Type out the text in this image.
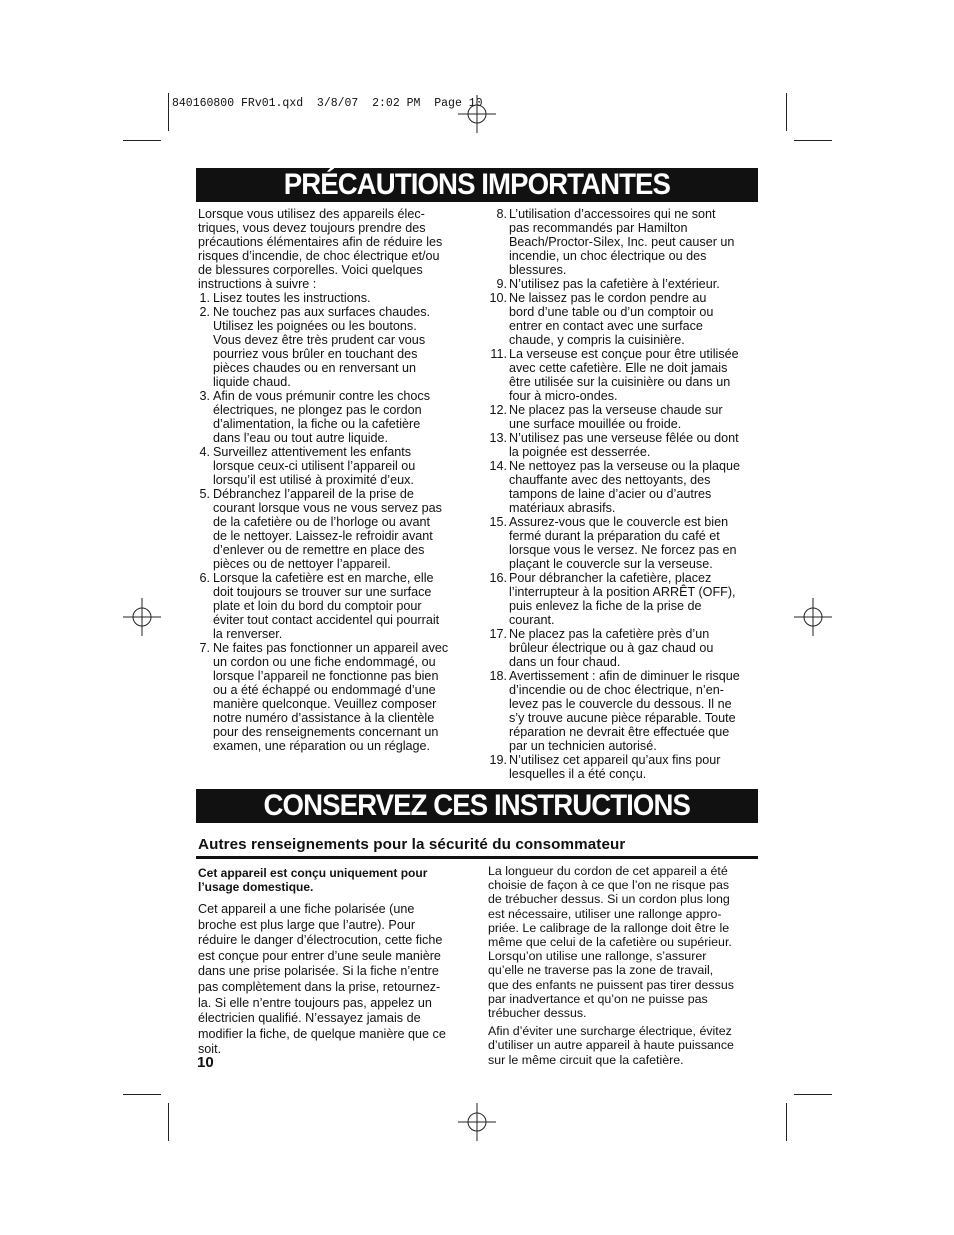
840160800 FRv01.qxd  3/8/07  2:02 PM  Page 10
PRÉCAUTIONS IMPORTANTES

Lorsque vous utilisez des appareils élec-
triques, vous devez toujours prendre des
précautions élémentaires afin de réduire les
risques d’incendie, de choc électrique et/ou
de blessures corporelles. Voici quelques
instructions à suivre :

1. Lisez toutes les instructions.
2. Ne touchez pas aux surfaces chaudes.
Utilisez les poignées ou les boutons.
Vous devez être très prudent car vous
pourriez vous brûler en touchant des
pièces chaudes ou en renversant un
liquide chaud.
3. Afin de vous prémunir contre les chocs
électriques, ne plongez pas le cordon
d’alimentation, la fiche ou la cafetière
dans l’eau ou tout autre liquide.
4. Surveillez attentivement les enfants
lorsque ceux-ci utilisent l’appareil ou
lorsqu’il est utilisé à proximité d’eux.
5. Débranchez l’appareil de la prise de
courant lorsque vous ne vous servez pas
de la cafetière ou de l’horloge ou avant
de le nettoyer. Laissez-le refroidir avant
d’enlever ou de remettre en place des
pièces ou de nettoyer l’appareil.
6. Lorsque la cafetière est en marche, elle
doit toujours se trouver sur une surface
plate et loin du bord du comptoir pour
éviter tout contact accidentel qui pourrait
la renverser.
7. Ne faites pas fonctionner un appareil avec
un cordon ou une fiche endommagé, ou
lorsque l’appareil ne fonctionne pas bien
ou a été échappé ou endommagé d’une
manière quelconque. Veuillez composer
notre numéro d’assistance à la clientèle
pour des renseignements concernant un
examen, une réparation ou un réglage.
8. L’utilisation d’accessoires qui ne sont
pas recommandés par Hamilton
Beach/Proctor-Silex, Inc. peut causer un
incendie, un choc électrique ou des
blessures.
9. N’utilisez pas la cafetière à l’extérieur.
10. Ne laissez pas le cordon pendre au
bord d’une table ou d’un comptoir ou
entrer en contact avec une surface
chaude, y compris la cuisinière.
11. La verseuse est conçue pour être utilisée
avec cette cafetière. Elle ne doit jamais
être utilisée sur la cuisinière ou dans un
four à micro-ondes.
12. Ne placez pas la verseuse chaude sur
une surface mouillée ou froide.
13. N’utilisez pas une verseuse fêlée ou dont
la poignée est desserrée.
14. Ne nettoyez pas la verseuse ou la plaque
chauffante avec des nettoyants, des
tampons de laine d’acier ou d’autres
matériaux abrasifs.
15. Assurez-vous que le couvercle est bien
fermé durant la préparation du café et
lorsque vous le versez. Ne forcez pas en
plaçant le couvercle sur la verseuse.
16. Pour débrancher la cafetière, placez
l’interrupteur à la position ARRÊT (OFF),
puis enlevez la fiche de la prise de
courant.
17. Ne placez pas la cafetière près d’un
brûleur électrique ou à gaz chaud ou
dans un four chaud.
18. Avertissement : afin de diminuer le risque
d’incendie ou de choc électrique, n’en-
levez pas le couvercle du dessous. Il ne
s’y trouve aucune pièce réparable. Toute
réparation ne devrait être effectuée que
par un technicien autorisé.
19. N’utilisez cet appareil qu’aux fins pour
lesquelles il a été conçu.
CONSERVEZ CES INSTRUCTIONS
Autres renseignements pour la sécurité du consommateur

Cet appareil est conçu uniquement pour
l’usage domestique.

Cet appareil a une fiche polarisée (une
broche est plus large que l’autre). Pour
réduire le danger d’électrocution, cette fiche
est conçue pour entrer d’une seule manière
dans une prise polarisée. Si la fiche n’entre
pas complètement dans la prise, retournez-
la. Si elle n’entre toujours pas, appelez un
électricien qualifié. N’essayez jamais de
modifier la fiche, de quelque manière que ce
soit.

La longueur du cordon de cet appareil a été
choisie de façon à ce que l’on ne risque pas
de trébucher dessus. Si un cordon plus long
est nécessaire, utiliser une rallonge appro-
priée. Le calibrage de la rallonge doit être le
même que celui de la cafetière ou supérieur.
Lorsqu’on utilise une rallonge, s’assurer
qu’elle ne traverse pas la zone de travail,
que des enfants ne puissent pas tirer dessus
par inadvertance et qu’on ne puisse pas
trébucher dessus.

Afin d’éviter une surcharge électrique, évitez
d’utiliser un autre appareil à haute puissance
sur le même circuit que la cafetière.

10
